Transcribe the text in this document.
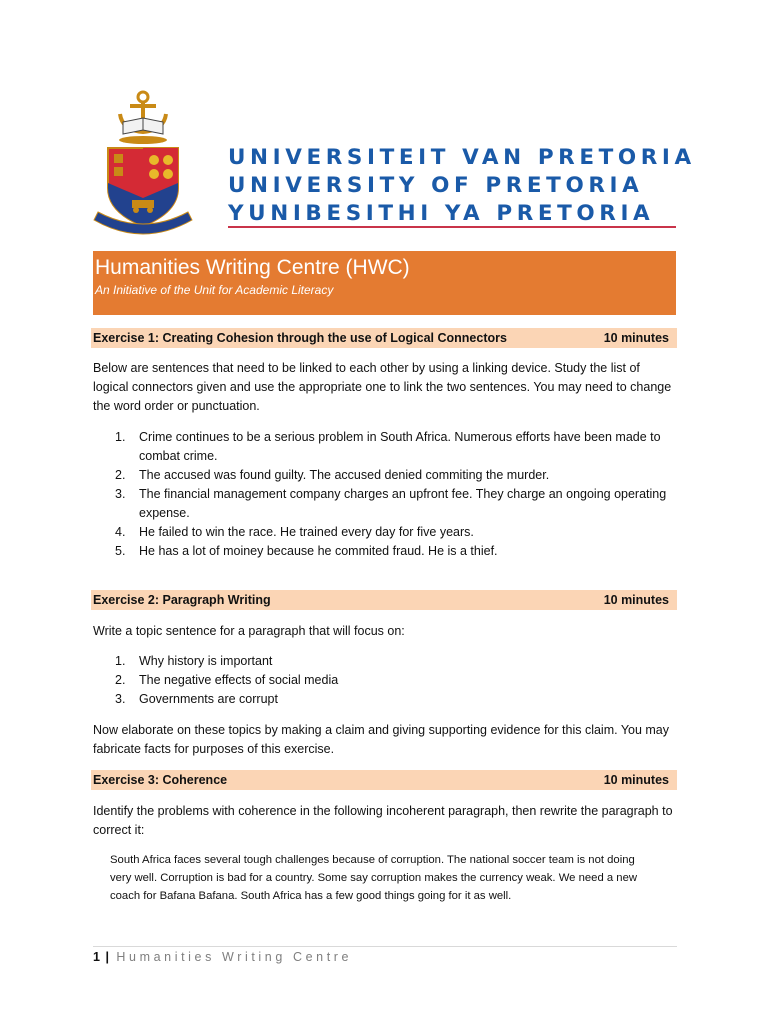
UNIVERSITEIT VAN PRETORIA
UNIVERSITY OF PRETORIA
YUNIBESITHI YA PRETORIA
Humanities Writing Centre (HWC)
An Initiative of the Unit for Academic Literacy
Exercise 1: Creating Cohesion through the use of Logical Connectors	10 minutes
Below are sentences that need to be linked to each other by using a linking device. Study the list of logical connectors given and use the appropriate one to link the two sentences. You may need to change the word order or punctuation.
1. Crime continues to be a serious problem in South Africa. Numerous efforts have been made to combat crime.
2. The accused was found guilty. The accused denied commiting the murder.
3. The financial management company charges an upfront fee. They charge an ongoing operating expense.
4. He failed to win the race. He trained every day for five years.
5. He has a lot of moiney because he commited fraud. He is a thief.
Exercise 2: Paragraph Writing	10 minutes
Write a topic sentence for a paragraph that will focus on:
1. Why history is important
2. The negative effects of social media
3. Governments are corrupt
Now elaborate on these topics by making a claim and giving supporting evidence for this claim. You may fabricate facts for purposes of this exercise.
Exercise 3: Coherence	10 minutes
Identify the problems with coherence in the following incoherent paragraph, then rewrite the paragraph to correct it:
South Africa faces several tough challenges because of corruption. The national soccer team is not doing very well. Corruption is bad for a country. Some say corruption makes the currency weak. We need a new coach for Bafana Bafana. South Africa has a few good things going for it as well.
1 | Humanities Writing Centre
